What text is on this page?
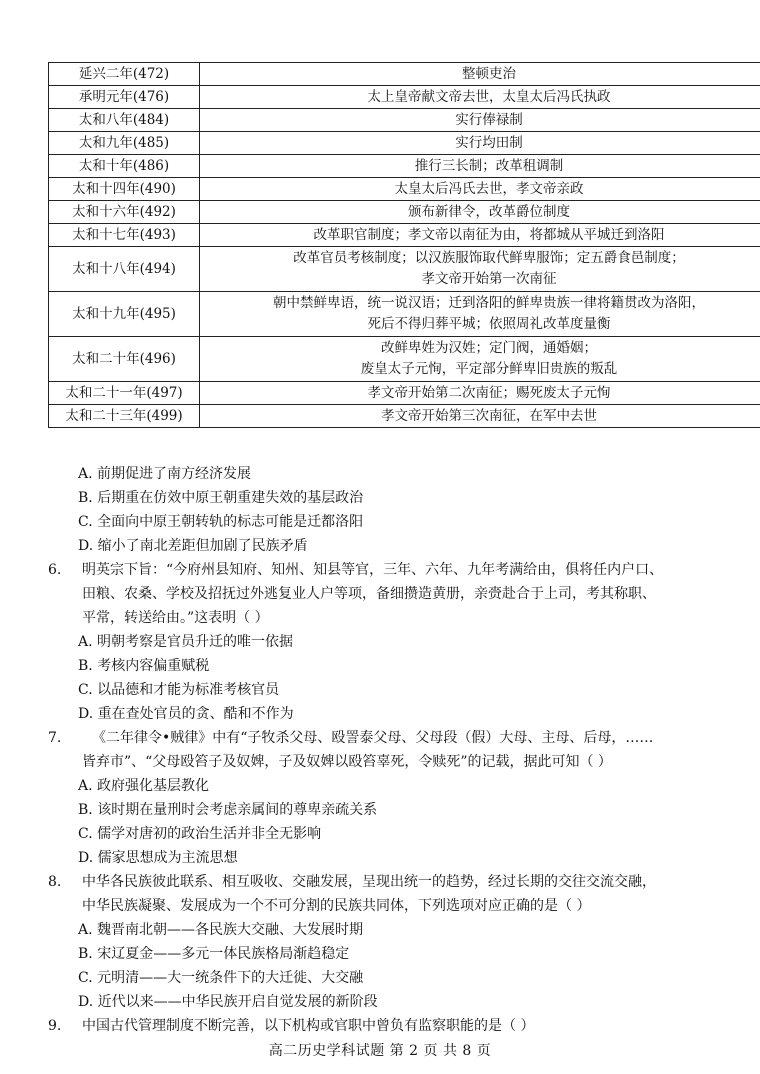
延兴二年(472)	整顿吏治

承明元年(476)	太上皇帝献文帝去世，太皇太后冯氏执政

太和八年(484)	实行俸禄制

太和九年(485)	实行均田制

太和十年(486)	推行三长制；改革租调制

太和十四年(490)	太皇太后冯氏去世，孝文帝亲政

太和十六年(492)	颁布新律令，改革爵位制度

太和十七年(493)	改革职官制度；孝文帝以南征为由，将都城从平城迁到洛阳

太和十八年(494)	改革官员考核制度；以汉族服饰取代鲜卑服饰；定五爵食邑制度；
孝文帝开始第一次南征

太和十九年(495)	朝中禁鲜卑语，统一说汉语；迁到洛阳的鲜卑贵族一律将籍贯改为洛阳，
死后不得归葬平城；依照周礼改革度量衡

太和二十年(496)	改鲜卑姓为汉姓；定门阀，通婚姻；
废皇太子元恂，平定部分鲜卑旧贵族的叛乱

太和二十一年(497)	孝文帝开始第二次南征；赐死废太子元恂

太和二十三年(499)	孝文帝开始第三次南征，在军中去世
A. 前期促进了南方经济发展
B. 后期重在仿效中原王朝重建失效的基层政治
C. 全面向中原王朝转轨的标志可能是迁都洛阳
D. 缩小了南北差距但加剧了民族矛盾
6.	明英宗下旨：“今府州县知府、知州、知县等官，三年、六年、九年考满给由，俱将任内户口、
田粮、农桑、学校及招抚过外逃复业人户等项，备细攒造黄册，亲赍赴合于上司，考其称职、
平常，转送给由。”这表明（ ）
A. 明朝考察是官员升迁的唯一依据
B. 考核内容偏重赋税
C. 以品德和才能为标准考核官员
D. 重在查处官员的贪、酷和不作为
7.	《二年律令•贼律》中有“子牧杀父母、殴詈泰父母、父母段（假）大母、主母、后母，……
皆弃市”、“父母殴笞子及奴婢，子及奴婢以殴笞辜死，令赎死”的记载，据此可知（ ）
A. 政府强化基层教化
B. 该时期在量刑时会考虑亲属间的尊卑亲疏关系
C. 儒学对唐初的政治生活并非全无影响
D. 儒家思想成为主流思想
8.	中华各民族彼此联系、相互吸收、交融发展，呈现出统一的趋势，经过长期的交往交流交融，
中华民族凝聚、发展成为一个不可分割的民族共同体，下列选项对应正确的是（ ）
A. 魏晋南北朝——各民族大交融、大发展时期
B. 宋辽夏金——多元一体民族格局渐趋稳定
C. 元明清——大一统条件下的大迁徙、大交融
D. 近代以来——中华民族开启自觉发展的新阶段
9.	中国古代管理制度不断完善，以下机构或官职中曾负有监察职能的是（ ）
高二历史学科试题 第 2 页 共 8 页
